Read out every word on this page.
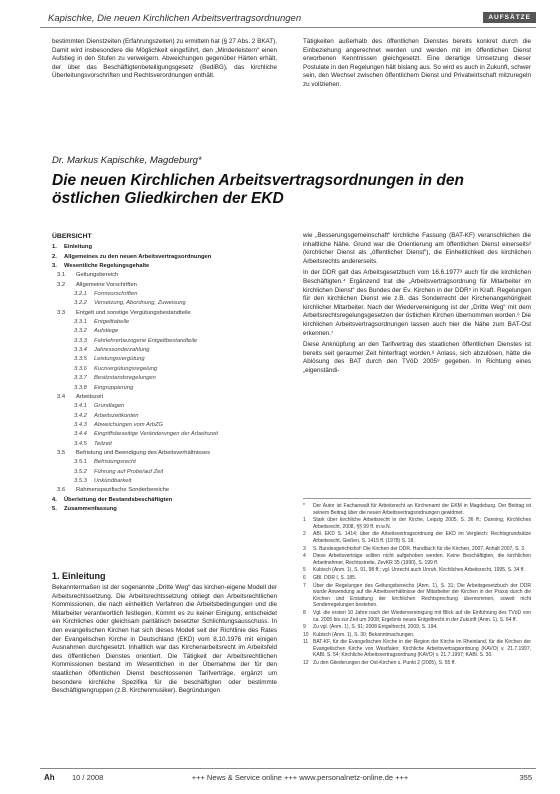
Kapischke, Die neuen Kirchlichen Arbeitsvertragsordnungen	AUFSÄTZE

bestimmten Dienstzeiten (Erfahrungszeiten) zu ermitteln hat (§ 27 Abs. 2 BKAT). Damit wird insbesondere die Möglichkeit eingeführt, den „Minderleistern“ einen Aufstieg in den Stufen zu verweigern. Abweichungen gegenüber Härten erhält, der über das Beschäftigtenbeteiligungsgesetz (BediBG), das kirchliche Überleitungsvorschriften und Rechtsverordnungen enthält.

Tätigkeiten außerhalb des öffentlichen Dienstes bereits konkret durch die Einbeziehung angerechnet werden und werden mit im öffentlichen Dienst erworbenen Kenntnissen gleichgesetzt. Eine derartige Umsetzung dieser Postulate in den Regelungen hält bislang aus. So wird es auch in Zukunft, schwer sein, den Wechsel zwischen öffentlichem Dienst und Privatwirtschaft mitzuregeln zu vollziehen.

Dr. Markus Kapischke, Magdeburg*
Die neuen Kirchlichen Arbeitsvertragsordnungen in den östlichen Gliedkirchen der EKD
ÜBERSICHT
1.	Einleitung
2.	Allgemeines zu den neuen Arbeitsvertragsordnungen
3.	Wesentliche Regelungsgehalte
3.1	Geltungsbereich
3.2	Allgemeine Vorschriften
3.2.1	Formvorschriften
3.2.2	Versetzung, Abordnung, Zuweisung
3.3	Entgelt und sonstige Vergütungsbestandteile
3.3.1	Entgelttabelle
3.3.2	Aufstiege
3.3.3	Fahrlehrerbezogene Entgeltbestandteile
3.3.4	Jahressonderzahlung
3.3.5	Leistungsvergütung
3.3.6	Kurzvergütungsregelung
3.3.7	Besitzstandsregelungen
3.3.8	Eingruppierung
3.4	Arbeitszeit
3.4.1	Grundlagen
3.4.2	Arbeitszeitkonten
3.4.3	Abweichungen vom ArbZG
3.4.4	Eingriffsbeseitige Veränderungen der Arbeitszeit
3.4.5	Teilzeit
3.5	Befristung und Beendigung des Arbeitsverhältnisses
3.5.1	Befristungsrecht
3.5.2	Führung auf Probe/auf Zeit
3.5.3	Unkündbarkeit
3.6	Rahmenspezifische Sonderbereiche
4.	Überleitung der Bestandsbeschäftigten
5.	Zusammenfassung
1. Einleitung

Bekanntermaßen ist der sogenannte „Dritte Weg“ das kirchen-eigene Modell der Arbeitsrechtssetzung. Die Arbeitsrechtssetzung obliegt den Arbeitsrechtlichen Kommissionen, die nach einheitlich Verfahren die Arbeitsbedingungen und die Mitarbeiter verantwortlich festlegen. Kommt es zu keiner Einigung, entscheidet ein Kirchliches oder gleichsam paritätisch besetzter Schlichtungsausschuss. In den evangelischen Kirchen hat sich dieses Modell seit der Richtlinie des Rates der Evangelischen Kirche in Deutschland (EKD) vom 8.10.1976 mit einigen Ausnahmen durchgesetzt. Inhaltlich war das Kirchenarbeitsrecht im Arbeitsfeld des öffentlichen Dienstes orientiert. Die Tätigkeit der Arbeitsrechtlichen Kommissionen bestand im Wesentlichen in der Übernahme der für den staatlichen öffentlichen Dienst beschlossenen Tarifverträge, ergänzt um besondere kirchliche Spezifika für die beschäftigten oder bestimmte Beschäftigtengruppen (z.B. Kirchenmusiker). Begründungen

wie „Besserungsgemeinschaft“ kirchliche Fassung (BAT-KF) veranschlichen die inhaltliche Nähe. Grund war die Orientierung am öffentlichen Dienst einerseits² (kirchlicher Dienst als „öffentlicher Dienst“), die Einheitlichkeit des kirchlichen Arbeitsrechts andererseits.

In der DDR galt das Arbeitsgesetzbuch vom 16.6.1977³ auch für die kirchlichen Beschäftigten.⁴ Ergänzend trat die „Arbeitsvertragsordnung für Mitarbeiter im kirchlichen Dienst“ des Bundes der Ev. Kirchen in der DDR⁵ in Kraft. Regelungen für den kirchlichen Dienst wie z.B. das Sonderrecht der Kirchenangehörigkeit kirchlicher Mitarbeiter. Nach der Wiedervereinigung ist der „Dritte Weg“ mit dem Arbeitsrechtsregelungsgesetzen der östlichen Kirchen übernommen worden.⁶ Die kirchlichen Arbeitsvertragsordnungen lassen auch hier die Nähe zum BAT-Ost erkennen.⁷

Diese Anknüpfung an den Tarifvertrag des staatlichen öffentlichen Dienstes ist bereits seit geraumer Zeit hinterfragt worden.⁸ Anlass, sich abzulösen, hätte die Ablösung des BAT durch den TVöD 2005⁹ gegeben. In Richtung eines „eigenständi-

*	Der Autor ist Fachanwalt für Arbeitsrecht an Kirchenamt der EKM in Magdeburg. Der Beitrag ist seinem Beitrag über die neuen Arbeitsvertragsordnungen gewidmet.
1	Stark über kirchliche Arbeitsrecht in der Kirche, Leipzig 2005, S. 36 ff.; Danning, Kirchliches Arbeitsrecht, 2008, §§ 99 ff. m.w.N.
2	ABl. EKD S. 1414; über die Arbeitsvertragsordnung der EKD im Vergleich: Rechtsgrundsätze Arbeitsrecht, Gießen, S. 1415 ff. (1978) S. 18.
3	S. Bundesgerichtshof: Die Kirchen der DDR. Handbuch für die Kirchen, 2007, Anhalt 2007, S. 3.
4	Diese Arbeitsverträge sollten nicht aufgehoben werden. Keine Beschäftigten, die kirchlichen Arbeitnehmer, Rechtsstreite, ZevKR 35 (1990), S. 199 ff.
5	Kubisch (Anm. 1), S. 91, 98 ff.; vgl. Unrecht auch Unruh, Kirchliches Arbeitsrecht, 1995, S. 34 ff.
6	GBl. DDR I, S. 185.
7	Über die Regelungen des Geltungsbereichs (Anm. 1), S. 31; Die Arbeitsgesetzbuch der DDR wurde Anwendung auf die Arbeitsverhältnisse der Mitarbeiter der Kirchen in der Praxis durch die Kirchen und Erstattung der kirchlichen Rechtsprechung übernommen, soweit nicht Sonderregelungen bestehen.
8	Vgl. die ersten 10 Jahre nach der Wiedervereinigung mit Blick auf die Einführung des TVöD von ca. 2005 bis zur Zeit um 2008; Ergebnis neues Entgeltrecht in der Zukunft (Anm. 1), S. 64 ff.
9	Zu vgl. (Anm. 1), S. 91; 2008 Entgeltrecht, 2009, S. 194.
10 Kubisch (Anm. 1), S. 30; Bekanntmachungen.
11 BAT-KF, für die Evangelischen Kirche in der Region der Kirche im Rheinland, für die Kirchen der Evangelischen Kirche von Westfalen; Kirchliche Arbeitsvertragsordnung (KAVO) v. 21.7.1997, KABl. S. 54; Kirchliche Arbeitsvertragsordnung (KAVO) v. 21.7.1997; KABl. S. 30.
12 Zu den Gliederungen der Ost-Kirchen s. Punkt 2 (2005), S. 55 ff.
Ah 10 / 2008	+++ News & Service online +++ www.personalnetz-online.de +++	355
